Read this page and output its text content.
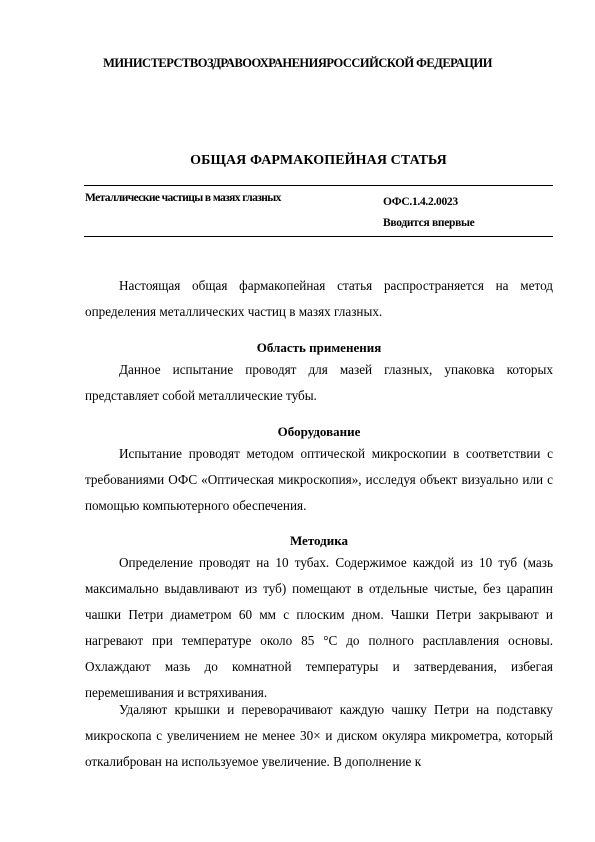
МИНИСТЕРСТВОЗДРАВООХРАНЕНИЯРОССИЙСКОЙ ФЕДЕРАЦИИ
ОБЩАЯ ФАРМАКОПЕЙНАЯ СТАТЬЯ
Металлические частицы в мазях глазных	ОФС.1.4.2.0023
Вводится впервые

Настоящая общая фармакопейная статья распространяется на метод определения металлических частиц в мазях глазных.

Область применения

Данное испытание проводят для мазей глазных, упаковка которых представляет собой металлические тубы.

Оборудование

Испытание проводят методом оптической микроскопии в соответствии с требованиями ОФС «Оптическая микроскопия», исследуя объект визуально или с помощью компьютерного обеспечения.

Методика

Определение проводят на 10 тубах. Содержимое каждой из 10 туб (мазь максимально выдавливают из туб) помещают в отдельные чистые, без царапин чашки Петри диаметром 60 мм с плоским дном. Чашки Петри закрывают и нагревают при температуре около 85 °С до полного расплавления основы. Охлаждают мазь до комнатной температуры и затвердевания, избегая перемешивания и встряхивания.

Удаляют крышки и переворачивают каждую чашку Петри на подставку микроскопа с увеличением не менее 30× и диском окуляра микрометра, который откалиброван на используемое увеличение. В дополнение к
